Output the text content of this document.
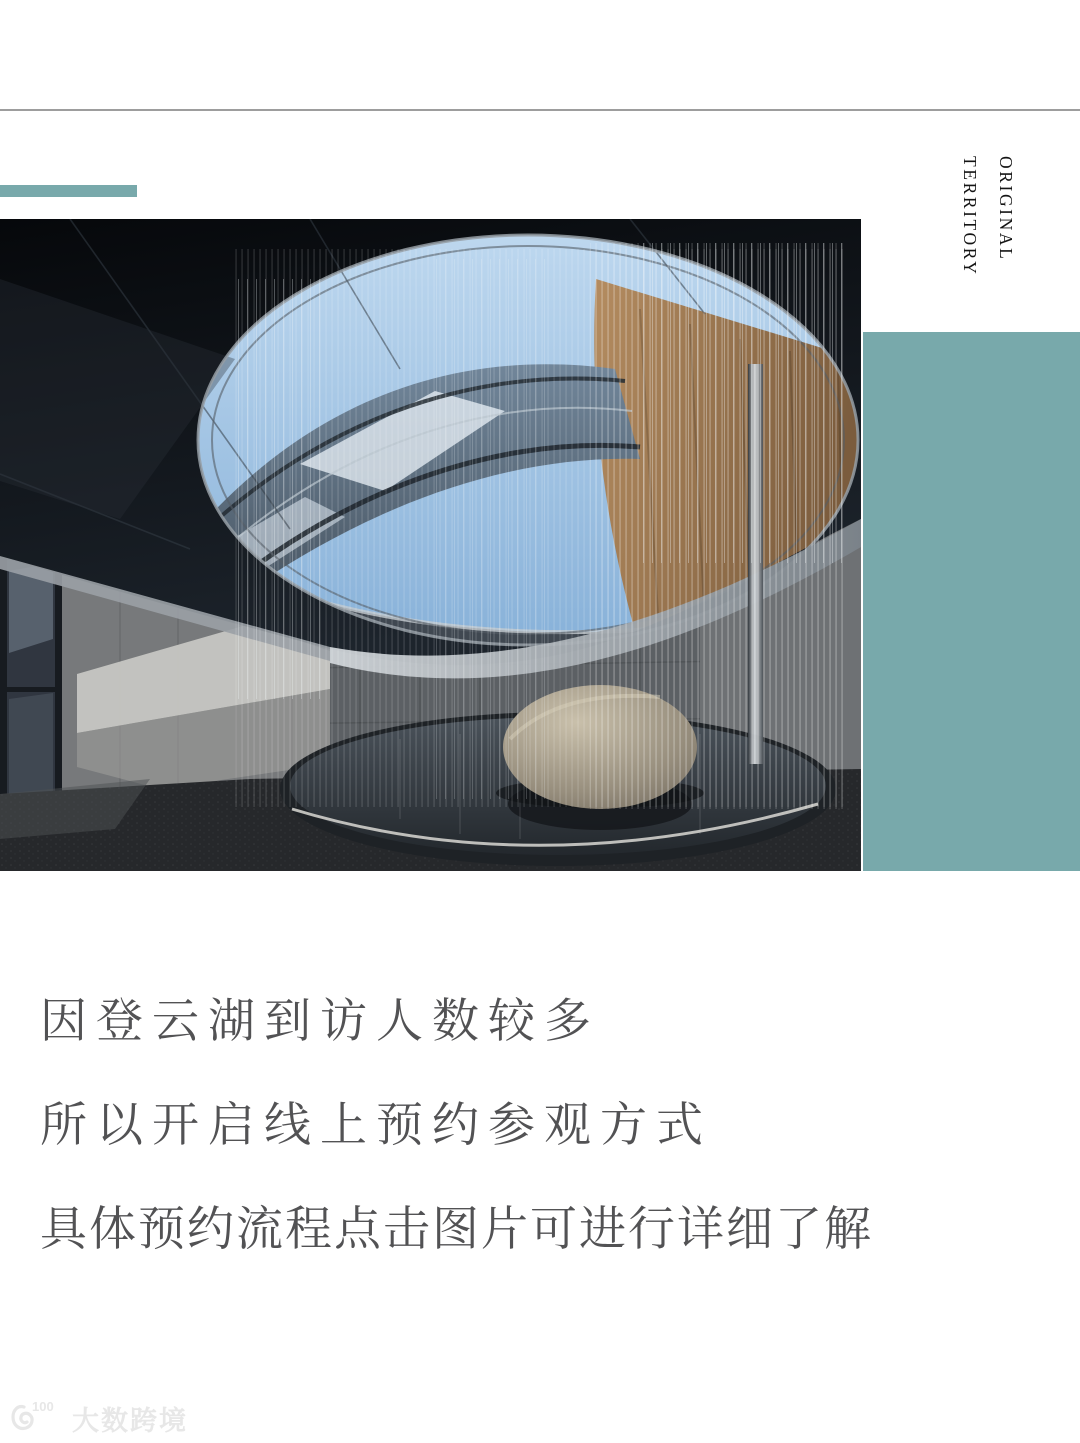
ORIGINAL
TERRITORY
因登云湖到访人数较多
所以开启线上预约参观方式
具体预约流程点击图片可进行详细了解
100 大数跨境
